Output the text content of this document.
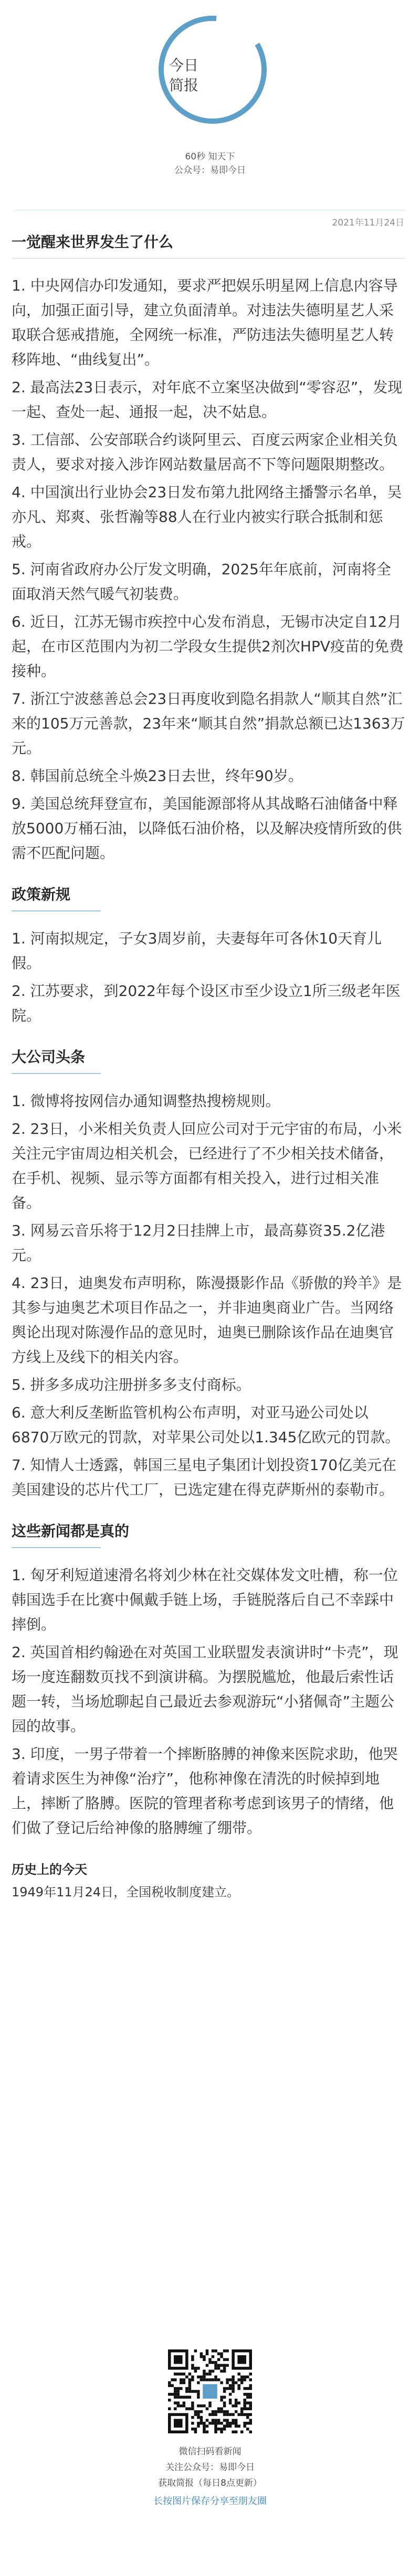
今日
简报
60秒 知天下
公众号：易即今日
2021年11月24日
一觉醒来世界发生了什么
1. 中央网信办印发通知，要求严把娱乐明星网上信息内容导向，加强正面引导，建立负面清单。对违法失德明星艺人采取联合惩戒措施，全网统一标准，严防违法失德明星艺人转移阵地、“曲线复出”。
2. 最高法23日表示，对年底不立案坚决做到“零容忍”，发现一起、查处一起、通报一起，决不姑息。
3. 工信部、公安部联合约谈阿里云、百度云两家企业相关负责人，要求对接入涉诈网站数量居高不下等问题限期整改。
4. 中国演出行业协会23日发布第九批网络主播警示名单，吴亦凡、郑爽、张哲瀚等88人在行业内被实行联合抵制和惩戒。
5. 河南省政府办公厅发文明确，2025年年底前，河南将全面取消天然气暖气初装费。
6. 近日，江苏无锡市疾控中心发布消息，无锡市决定自12月起，在市区范围内为初二学段女生提供2剂次HPV疫苗的免费接种。
7. 浙江宁波慈善总会23日再度收到隐名捐款人“顺其自然”汇来的105万元善款，23年来“顺其自然”捐款总额已达1363万元。
8. 韩国前总统全斗焕23日去世，终年90岁。
9. 美国总统拜登宣布，美国能源部将从其战略石油储备中释放5000万桶石油，以降低石油价格，以及解决疫情所致的供需不匹配问题。
政策新规
1. 河南拟规定，子女3周岁前，夫妻每年可各休10天育儿假。
2. 江苏要求，到2022年每个设区市至少设立1所三级老年医院。
大公司头条
1. 微博将按网信办通知调整热搜榜规则。
2. 23日，小米相关负责人回应公司对于元宇宙的布局，小米关注元宇宙周边相关机会，已经进行了不少相关技术储备，在手机、视频、显示等方面都有相关投入，进行过相关准备。
3. 网易云音乐将于12月2日挂牌上市，最高募资35.2亿港元。
4. 23日，迪奥发布声明称，陈漫摄影作品《骄傲的羚羊》是其参与迪奥艺术项目作品之一，并非迪奥商业广告。当网络舆论出现对陈漫作品的意见时，迪奥已删除该作品在迪奥官方线上及线下的相关内容。
5. 拼多多成功注册拼多多支付商标。
6. 意大利反垄断监管机构公布声明，对亚马逊公司处以6870万欧元的罚款，对苹果公司处以1.345亿欧元的罚款。
7. 知情人士透露，韩国三星电子集团计划投资170亿美元在美国建设的芯片代工厂，已选定建在得克萨斯州的泰勒市。
这些新闻都是真的
1. 匈牙利短道速滑名将刘少林在社交媒体发文吐槽，称一位韩国选手在比赛中佩戴手链上场，手链脱落后自己不幸踩中摔倒。
2. 英国首相约翰逊在对英国工业联盟发表演讲时“卡壳”，现场一度连翻数页找不到演讲稿。为摆脱尴尬，他最后索性话题一转，当场尬聊起自己最近去参观游玩“小猪佩奇”主题公园的故事。
3. 印度，一男子带着一个摔断胳膊的神像来医院求助，他哭着请求医生为神像“治疗”，他称神像在清洗的时候掉到地上，摔断了胳膊。医院的管理者称考虑到该男子的情绪，他们做了登记后给神像的胳膊缠了绷带。
历史上的今天
1949年11月24日，全国税收制度建立。
微信扫码看新闻
关注公众号：易即今日
获取简报（每日8点更新）
长按图片保存分享至朋友圈
